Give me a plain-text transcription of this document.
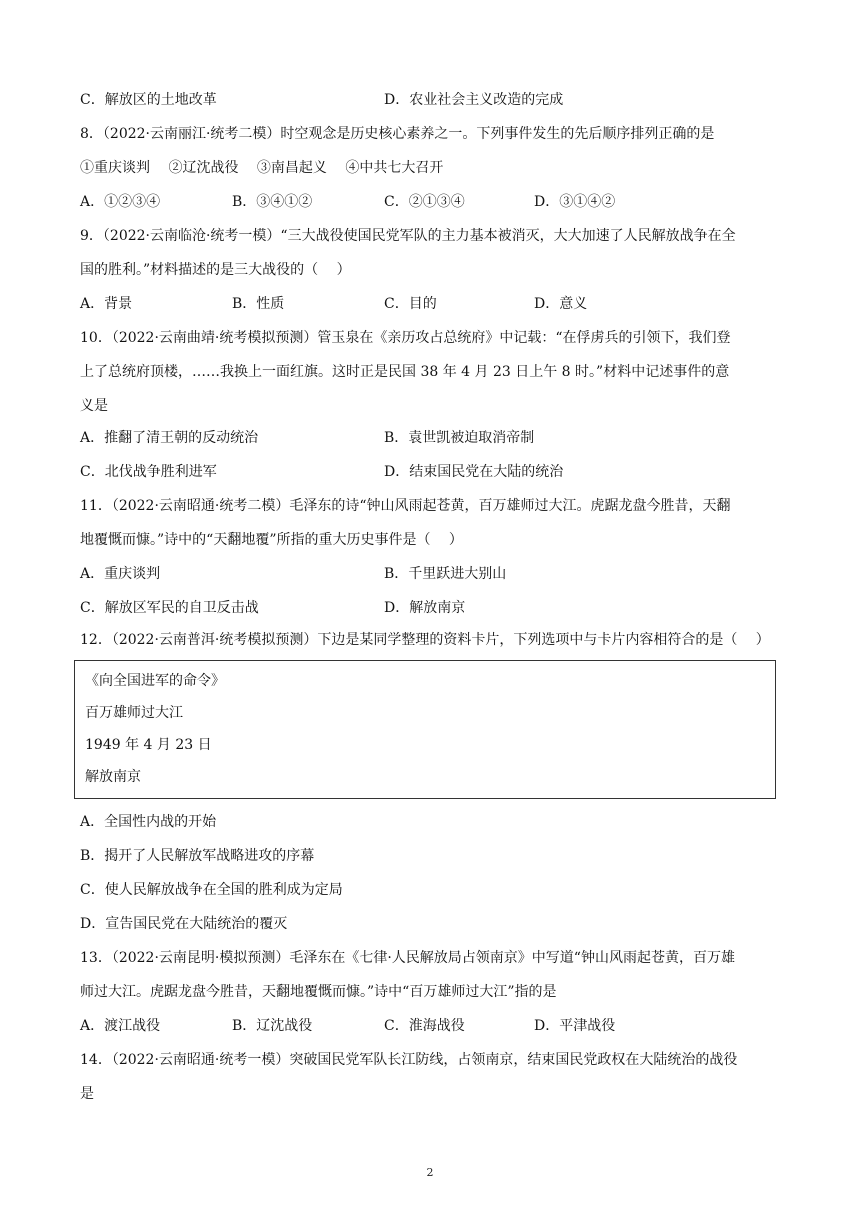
C．解放区的土地改革	D．农业社会主义改造的完成
8．（2022·云南丽江·统考二模）时空观念是历史核心素养之一。下列事件发生的先后顺序排列正确的是
①重庆谈判　 ②辽沈战役　 ③南昌起义　 ④中共七大召开
A．①②③④	B．③④①②	C．②①③④	D．③①④②
9．（2022·云南临沧·统考一模）“三大战役使国民党军队的主力基本被消灭，大大加速了人民解放战争在全
国的胜利。”材料描述的是三大战役的（　 ）
A．背景	B．性质	C．目的	D．意义
10．（2022·云南曲靖·统考模拟预测）管玉泉在《亲历攻占总统府》中记载：“在俘虏兵的引领下，我们登
上了总统府顶楼，……我换上一面红旗。这时正是民国 38 年 4 月 23 日上午 8 时。”材料中记述事件的意
义是
A．推翻了清王朝的反动统治	B．袁世凯被迫取消帝制
C．北伐战争胜利进军	D．结束国民党在大陆的统治
11．（2022·云南昭通·统考二模）毛泽东的诗“钟山风雨起苍黄，百万雄师过大江。虎踞龙盘今胜昔，天翻
地覆慨而慷。”诗中的“天翻地覆”所指的重大历史事件是（　 ）
A．重庆谈判	B．千里跃进大别山
C．解放区军民的自卫反击战	D．解放南京
12．（2022·云南普洱·统考模拟预测）下边是某同学整理的资料卡片，下列选项中与卡片内容相符合的是（　 ）
《向全国进军的命令》
百万雄师过大江
1949 年 4 月 23 日
解放南京
A．全国性内战的开始
B．揭开了人民解放军战略进攻的序幕
C．使人民解放战争在全国的胜利成为定局
D．宣告国民党在大陆统治的覆灭
13．（2022·云南昆明·模拟预测）毛泽东在《七律·人民解放局占领南京》中写道“钟山风雨起苍黄，百万雄
师过大江。虎踞龙盘今胜昔，天翻地覆慨而慷。”诗中“百万雄师过大江”指的是
A．渡江战役	B．辽沈战役	C．淮海战役	D．平津战役
14．（2022·云南昭通·统考一模）突破国民党军队长江防线，占领南京，结束国民党政权在大陆统治的战役
是
2
